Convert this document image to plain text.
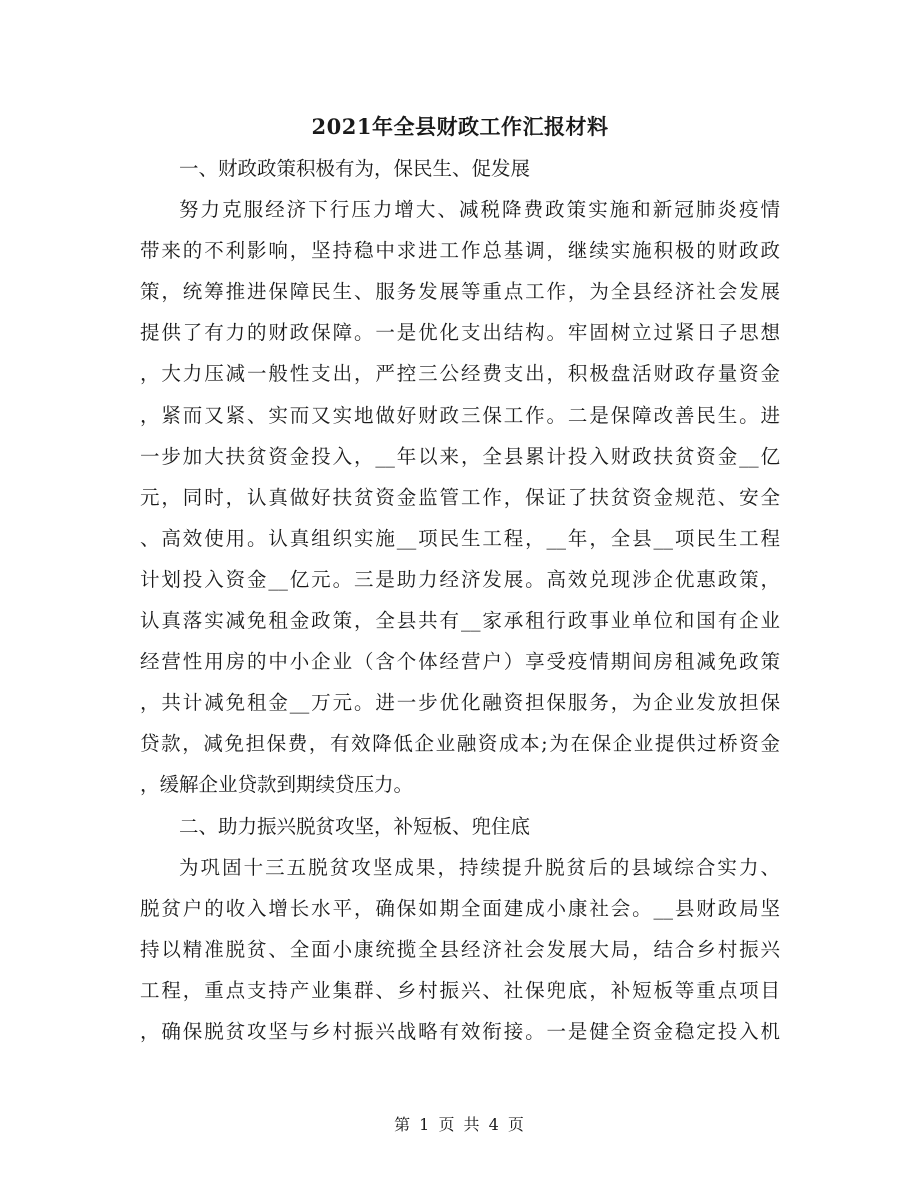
2021年全县财政工作汇报材料
一、财政政策积极有为，保民生、促发展
努力克服经济下行压力增大、减税降费政策实施和新冠肺炎疫情
带来的不利影响，坚持稳中求进工作总基调，继续实施积极的财政政
策，统筹推进保障民生、服务发展等重点工作，为全县经济社会发展
提供了有力的财政保障。一是优化支出结构。牢固树立过紧日子思想
，大力压减一般性支出，严控三公经费支出，积极盘活财政存量资金
，紧而又紧、实而又实地做好财政三保工作。二是保障改善民生。进
一步加大扶贫资金投入，__年以来，全县累计投入财政扶贫资金__亿
元，同时，认真做好扶贫资金监管工作，保证了扶贫资金规范、安全
、高效使用。认真组织实施__项民生工程，__年，全县__项民生工程
计划投入资金__亿元。三是助力经济发展。高效兑现涉企优惠政策，
认真落实减免租金政策，全县共有__家承租行政事业单位和国有企业
经营性用房的中小企业（含个体经营户）享受疫情期间房租减免政策
，共计减免租金__万元。进一步优化融资担保服务，为企业发放担保
贷款，减免担保费，有效降低企业融资成本;为在保企业提供过桥资金
，缓解企业贷款到期续贷压力。
二、助力振兴脱贫攻坚，补短板、兜住底
为巩固十三五脱贫攻坚成果，持续提升脱贫后的县域综合实力、
脱贫户的收入增长水平，确保如期全面建成小康社会。__县财政局坚
持以精准脱贫、全面小康统揽全县经济社会发展大局，结合乡村振兴
工程，重点支持产业集群、乡村振兴、社保兜底，补短板等重点项目
，确保脱贫攻坚与乡村振兴战略有效衔接。一是健全资金稳定投入机
第 1 页 共 4 页
